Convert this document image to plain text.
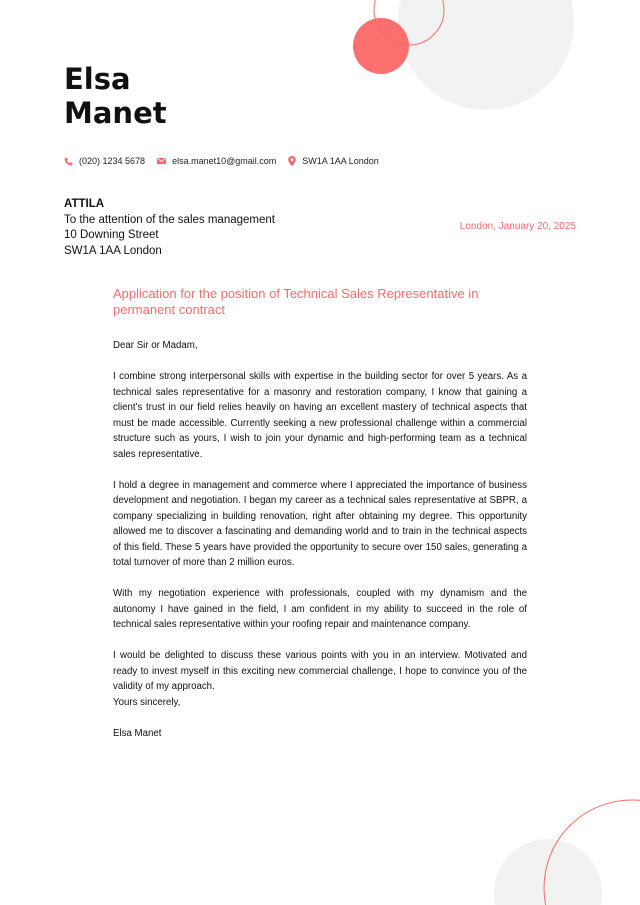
Elsa
Manet
(020) 1234 5678	elsa.manet10@gmail.com	SW1A 1AA London
ATTILA
To the attention of the sales management
10 Downing Street
SW1A 1AA London
London, January 20, 2025
Application for the position of Technical Sales Representative in permanent contract

Dear Sir or Madam,

I combine strong interpersonal skills with expertise in the building sector for over 5 years. As a technical sales representative for a masonry and restoration company, I know that gaining a client's trust in our field relies heavily on having an excellent mastery of technical aspects that must be made accessible. Currently seeking a new professional challenge within a commercial structure such as yours, I wish to join your dynamic and high-performing team as a technical sales representative.

I hold a degree in management and commerce where I appreciated the importance of business development and negotiation. I began my career as a technical sales representative at SBPR, a company specializing in building renovation, right after obtaining my degree. This opportunity allowed me to discover a fascinating and demanding world and to train in the technical aspects of this field. These 5 years have provided the opportunity to secure over 150 sales, generating a total turnover of more than 2 million euros.

With my negotiation experience with professionals, coupled with my dynamism and the autonomy I have gained in the field, I am confident in my ability to succeed in the role of technical sales representative within your roofing repair and maintenance company.

I would be delighted to discuss these various points with you in an interview. Motivated and ready to invest myself in this exciting new commercial challenge, I hope to convince you of the validity of my approach.

Yours sincerely,

Elsa Manet
